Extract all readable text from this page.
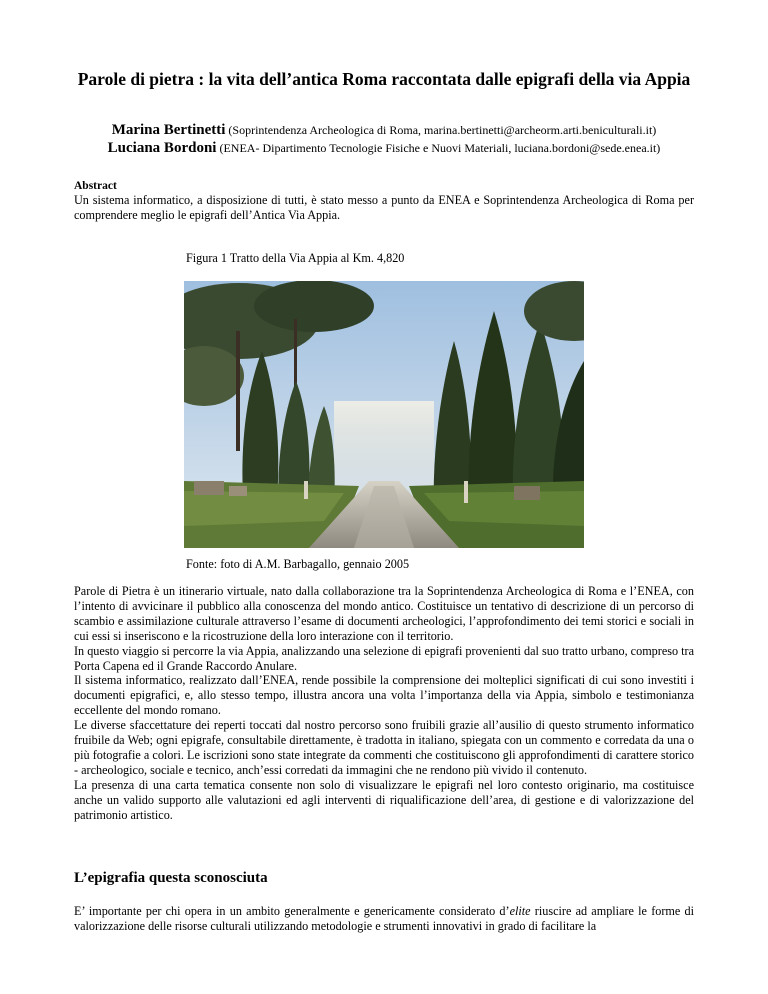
Parole di pietra : la vita dell’antica Roma raccontata dalle epigrafi della via Appia
Marina Bertinetti (Soprintendenza Archeologica di Roma, marina.bertinetti@archeorm.arti.beniculturali.it)
Luciana Bordoni (ENEA- Dipartimento Tecnologie Fisiche e Nuovi Materiali, luciana.bordoni@sede.enea.it)
Abstract
Un sistema informatico, a disposizione di tutti, è stato messo a punto da ENEA e Soprintendenza Archeologica di Roma per comprendere meglio le epigrafi dell’Antica Via Appia.
Figura 1 Tratto della Via Appia al Km. 4,820
Fonte: foto di A.M. Barbagallo, gennaio 2005

Parole di Pietra è un itinerario virtuale, nato dalla collaborazione tra la Soprintendenza Archeologica di Roma e l’ENEA, con l’intento di avvicinare il pubblico alla conoscenza del mondo antico. Costituisce un tentativo di descrizione di un percorso di scambio e assimilazione culturale attraverso l’esame di documenti archeologici, l’approfondimento dei temi storici e sociali in cui essi si inseriscono e la ricostruzione della loro interazione con il territorio.

In questo viaggio si percorre la via Appia, analizzando una selezione di epigrafi provenienti dal suo tratto urbano, compreso tra Porta Capena ed il Grande Raccordo Anulare.

Il sistema informatico, realizzato dall’ENEA, rende possibile la comprensione dei molteplici significati di cui sono investiti i documenti epigrafici, e, allo stesso tempo, illustra ancora una volta l’importanza della via Appia, simbolo e testimonianza eccellente del mondo romano.

Le diverse sfaccettature dei reperti toccati dal nostro percorso sono fruibili grazie all’ausilio di questo strumento informatico fruibile da Web; ogni epigrafe, consultabile direttamente, è tradotta in italiano, spiegata con un commento e corredata da una o più fotografie a colori. Le iscrizioni sono state integrate da commenti che costituiscono gli approfondimenti di carattere storico - archeologico, sociale e tecnico, anch’essi corredati da immagini che ne rendono più vivido il contenuto.

La presenza di una carta tematica consente non solo di visualizzare le epigrafi nel loro contesto originario, ma costituisce anche un valido supporto alle valutazioni ed agli interventi di riqualificazione dell’area, di gestione e di valorizzazione del patrimonio artistico.

L’epigrafia questa sconosciuta
E’ importante per chi opera in un ambito generalmente e genericamente considerato d’elite riuscire ad ampliare le forme di valorizzazione delle risorse culturali utilizzando metodologie e strumenti innovativi in grado di facilitare la
